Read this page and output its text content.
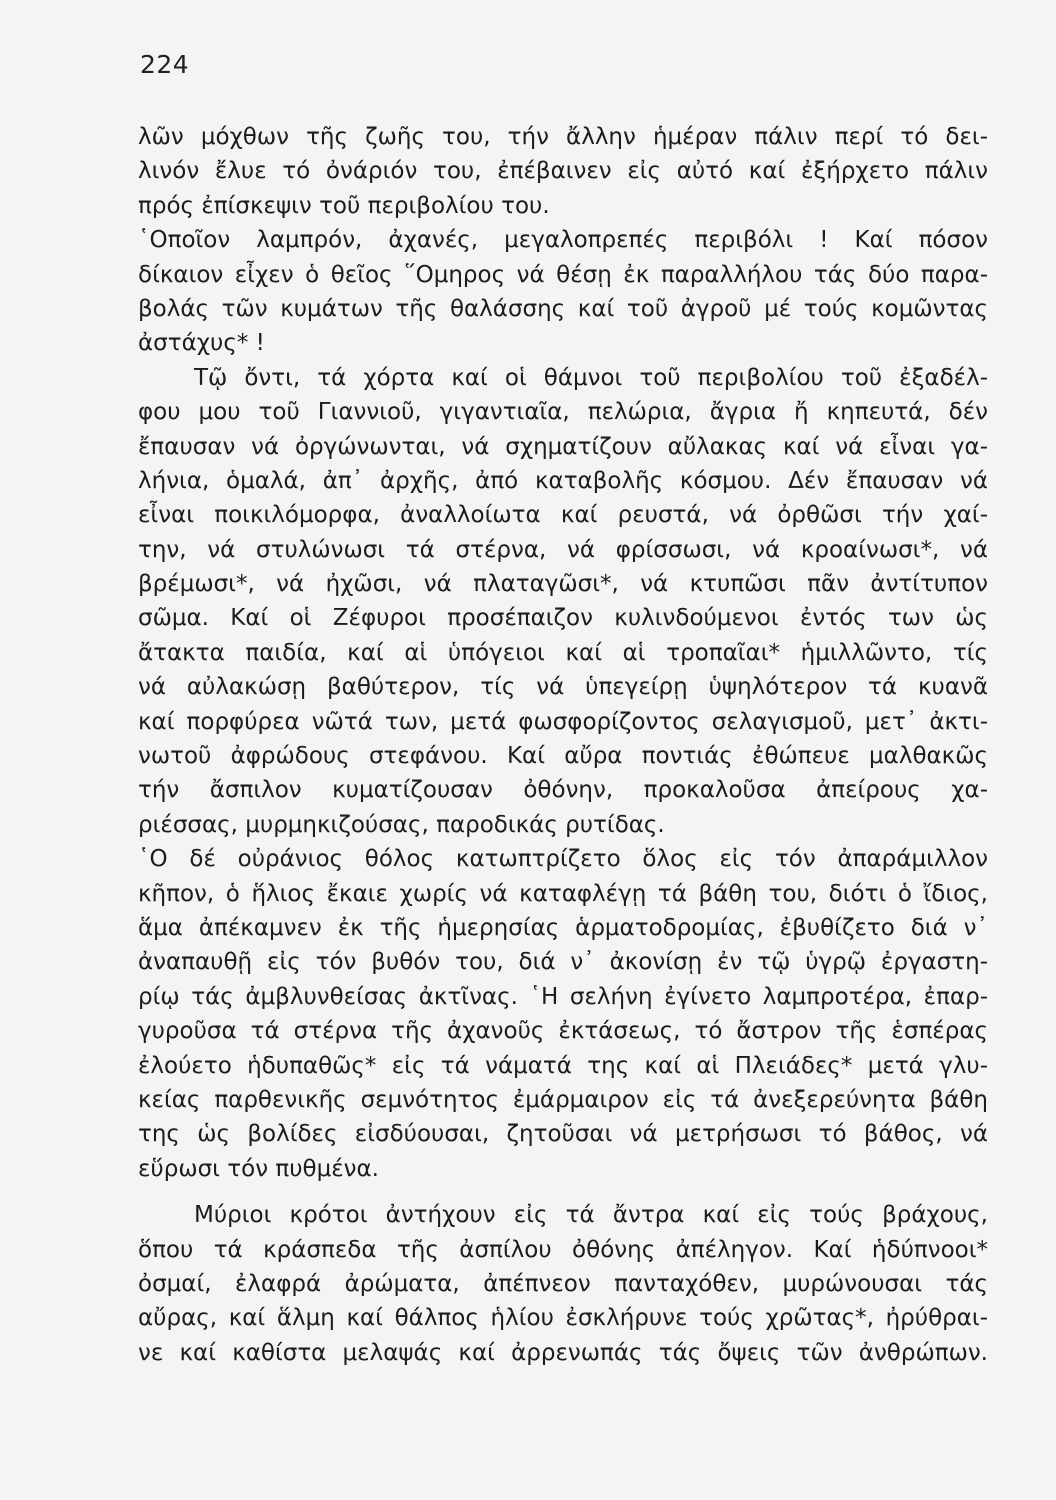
224
λῶν μόχθων τῆς ζωῆς του, τήν ἄλλην ἡμέραν πάλιν περί τό δει-
λινόν ἔλυε τό ὀνάριόν του, ἐπέβαινεν εἰς αὐτό καί ἐξήρχετο πάλιν
πρός ἐπίσκεψιν τοῦ περιβολίου του.
῾Οποῖον λαμπρόν, ἀχανές, μεγαλοπρεπές περιβόλι ! Καί πόσον
δίκαιον εἶχεν ὁ θεῖος ῞Ομηρος νά θέσῃ ἐκ παραλλήλου τάς δύο παρα-
βολάς τῶν κυμάτων τῆς θαλάσσης καί τοῦ ἀγροῦ μέ τούς κομῶντας
ἀστάχυς* !
Τῷ ὄντι, τά χόρτα καί οἱ θάμνοι τοῦ περιβολίου τοῦ ἐξαδέλ-
φου μου τοῦ Γιαννιοῦ, γιγαντιαῖα, πελώρια, ἄγρια ἤ κηπευτά, δέν
ἔπαυσαν νά ὀργώνωνται, νά σχηματίζουν αὔλακας καί νά εἶναι γα-
λήνια, ὁμαλά, ἀπ᾽ ἀρχῆς, ἀπό καταβολῆς κόσμου. Δέν ἔπαυσαν νά
εἶναι ποικιλόμορφα, ἀναλλοίωτα καί ρευστά, νά ὀρθῶσι τήν χαί-
την, νά στυλώνωσι τά στέρνα, νά φρίσσωσι, νά κροαίνωσι*, νά
βρέμωσι*, νά ἠχῶσι, νά πλαταγῶσι*, νά κτυπῶσι πᾶν ἀντίτυπον
σῶμα. Καί οἱ Ζέφυροι προσέπαιζον κυλινδούμενοι ἐντός των ὡς
ἄτακτα παιδία, καί αἱ ὑπόγειοι καί αἱ τροπαῖαι* ἡμιλλῶντο, τίς
νά αὐλακώσῃ βαθύτερον, τίς νά ὑπεγείρῃ ὑψηλότερον τά κυανᾶ
καί πορφύρεα νῶτά των, μετά φωσφορίζοντος σελαγισμοῦ, μετ᾽ ἀκτι-
νωτοῦ ἀφρώδους στεφάνου. Καί αὔρα ποντιάς ἐθώπευε μαλθακῶς
τήν ἄσπιλον κυματίζουσαν ὀθόνην, προκαλοῦσα ἀπείρους χα-
ριέσσας, μυρμηκιζούσας, παροδικάς ρυτίδας.
῾Ο δέ οὐράνιος θόλος κατωπτρίζετο ὅλος εἰς τόν ἀπαράμιλλον
κῆπον, ὁ ἥλιος ἔκαιε χωρίς νά καταφλέγῃ τά βάθη του, διότι ὁ ἴδιος,
ἅμα ἀπέκαμνεν ἐκ τῆς ἡμερησίας ἁρματοδρομίας, ἐβυθίζετο διά ν᾽
ἀναπαυθῇ εἰς τόν βυθόν του, διά ν᾽ ἀκονίσῃ ἐν τῷ ὑγρῷ ἐργαστη-
ρίῳ τάς ἀμβλυνθείσας ἀκτῖνας. ῾Η σελήνη ἐγίνετο λαμπροτέρα, ἐπαρ-
γυροῦσα τά στέρνα τῆς ἀχανοῦς ἐκτάσεως, τό ἄστρον τῆς ἑσπέρας
ἐλούετο ἡδυπαθῶς* εἰς τά νάματά της καί αἱ Πλειάδες* μετά γλυ-
κείας παρθενικῆς σεμνότητος ἐμάρμαιρον εἰς τά ἀνεξερεύνητα βάθη
της ὡς βολίδες εἰσδύουσαι, ζητοῦσαι νά μετρήσωσι τό βάθος, νά
εὕρωσι τόν πυθμένα.
Μύριοι κρότοι ἀντήχουν εἰς τά ἄντρα καί εἰς τούς βράχους,
ὅπου τά κράσπεδα τῆς ἀσπίλου ὀθόνης ἀπέληγον. Καί ἡδύπνοοι*
ὀσμαί, ἐλαφρά ἀρώματα, ἀπέπνεον πανταχόθεν, μυρώνουσαι τάς
αὔρας, καί ἅλμη καί θάλπος ἡλίου ἐσκλήρυνε τούς χρῶτας*, ἠρύθραι-
νε καί καθίστα μελαψάς καί ἀρρενωπάς τάς ὄψεις τῶν ἀνθρώπων.
